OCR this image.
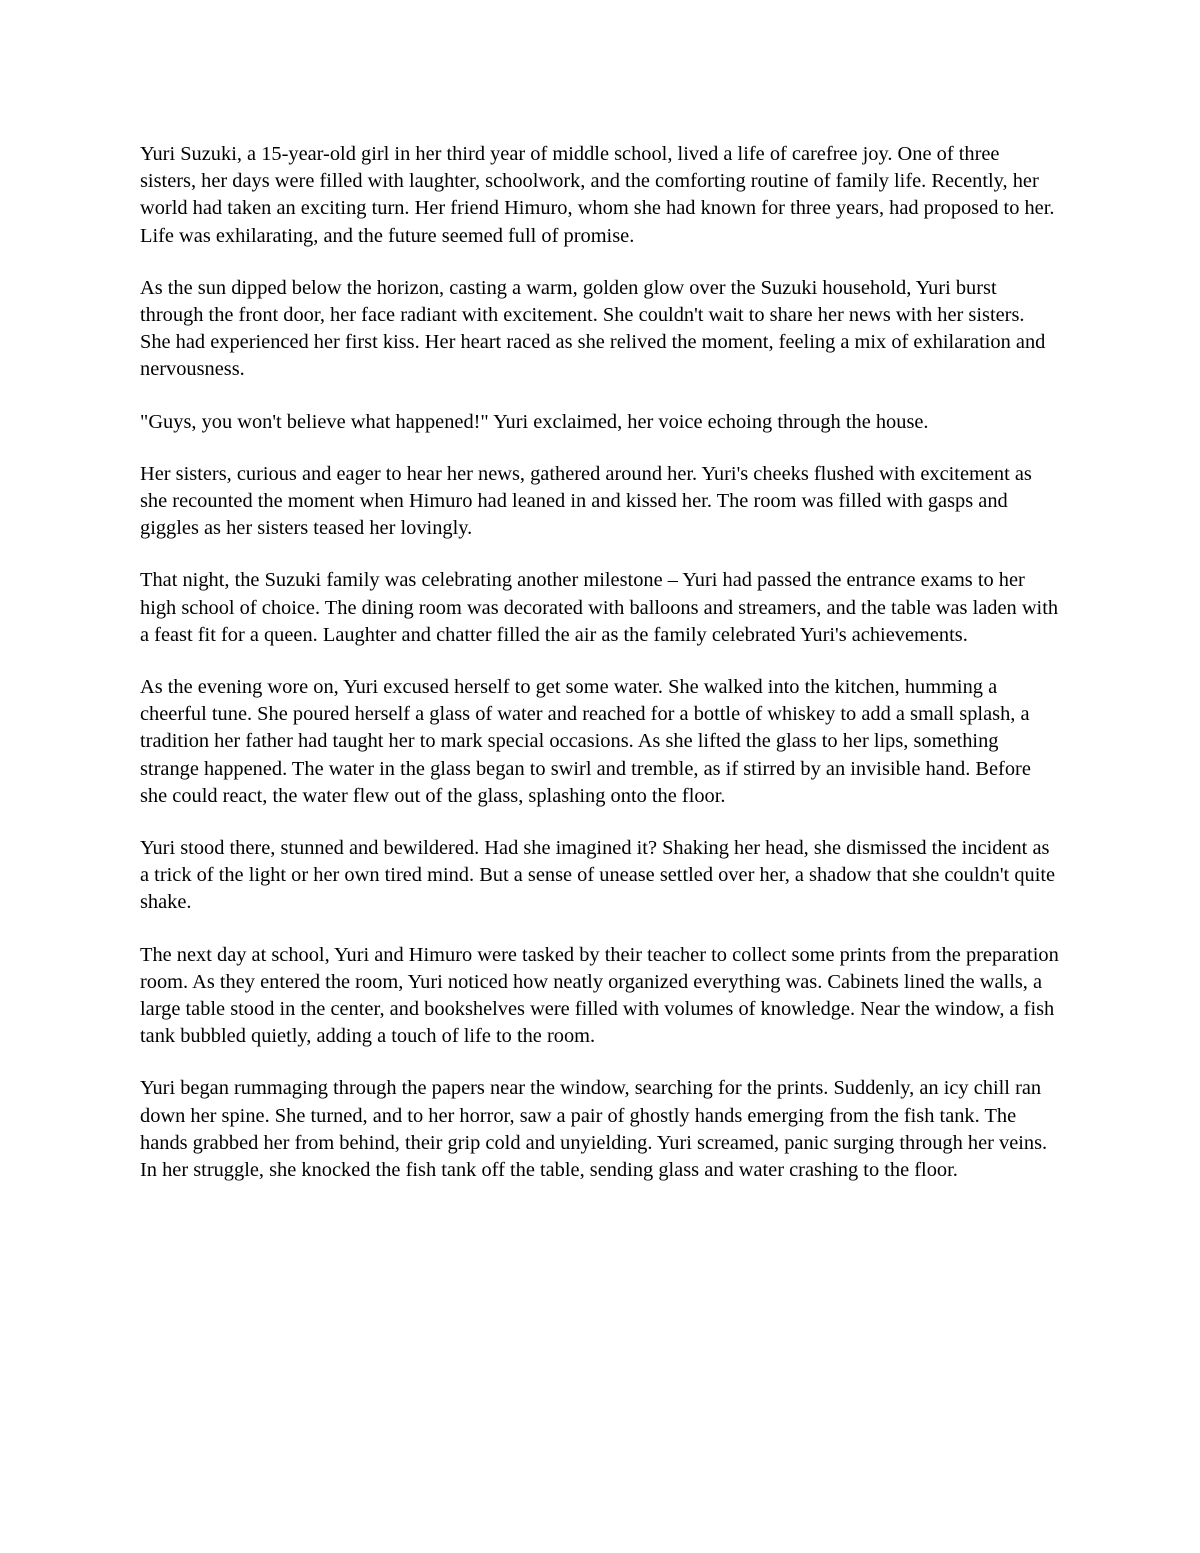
Yuri Suzuki, a 15-year-old girl in her third year of middle school, lived a life of carefree joy. One of three sisters, her days were filled with laughter, schoolwork, and the comforting routine of family life. Recently, her world had taken an exciting turn. Her friend Himuro, whom she had known for three years, had proposed to her. Life was exhilarating, and the future seemed full of promise.

As the sun dipped below the horizon, casting a warm, golden glow over the Suzuki household, Yuri burst through the front door, her face radiant with excitement. She couldn't wait to share her news with her sisters. She had experienced her first kiss. Her heart raced as she relived the moment, feeling a mix of exhilaration and nervousness.

"Guys, you won't believe what happened!" Yuri exclaimed, her voice echoing through the house.

Her sisters, curious and eager to hear her news, gathered around her. Yuri's cheeks flushed with excitement as she recounted the moment when Himuro had leaned in and kissed her. The room was filled with gasps and giggles as her sisters teased her lovingly.

That night, the Suzuki family was celebrating another milestone – Yuri had passed the entrance exams to her high school of choice. The dining room was decorated with balloons and streamers, and the table was laden with a feast fit for a queen. Laughter and chatter filled the air as the family celebrated Yuri's achievements.

As the evening wore on, Yuri excused herself to get some water. She walked into the kitchen, humming a cheerful tune. She poured herself a glass of water and reached for a bottle of whiskey to add a small splash, a tradition her father had taught her to mark special occasions. As she lifted the glass to her lips, something strange happened. The water in the glass began to swirl and tremble, as if stirred by an invisible hand. Before she could react, the water flew out of the glass, splashing onto the floor.

Yuri stood there, stunned and bewildered. Had she imagined it? Shaking her head, she dismissed the incident as a trick of the light or her own tired mind. But a sense of unease settled over her, a shadow that she couldn't quite shake.

The next day at school, Yuri and Himuro were tasked by their teacher to collect some prints from the preparation room. As they entered the room, Yuri noticed how neatly organized everything was. Cabinets lined the walls, a large table stood in the center, and bookshelves were filled with volumes of knowledge. Near the window, a fish tank bubbled quietly, adding a touch of life to the room.

Yuri began rummaging through the papers near the window, searching for the prints. Suddenly, an icy chill ran down her spine. She turned, and to her horror, saw a pair of ghostly hands emerging from the fish tank. The hands grabbed her from behind, their grip cold and unyielding. Yuri screamed, panic surging through her veins. In her struggle, she knocked the fish tank off the table, sending glass and water crashing to the floor.
